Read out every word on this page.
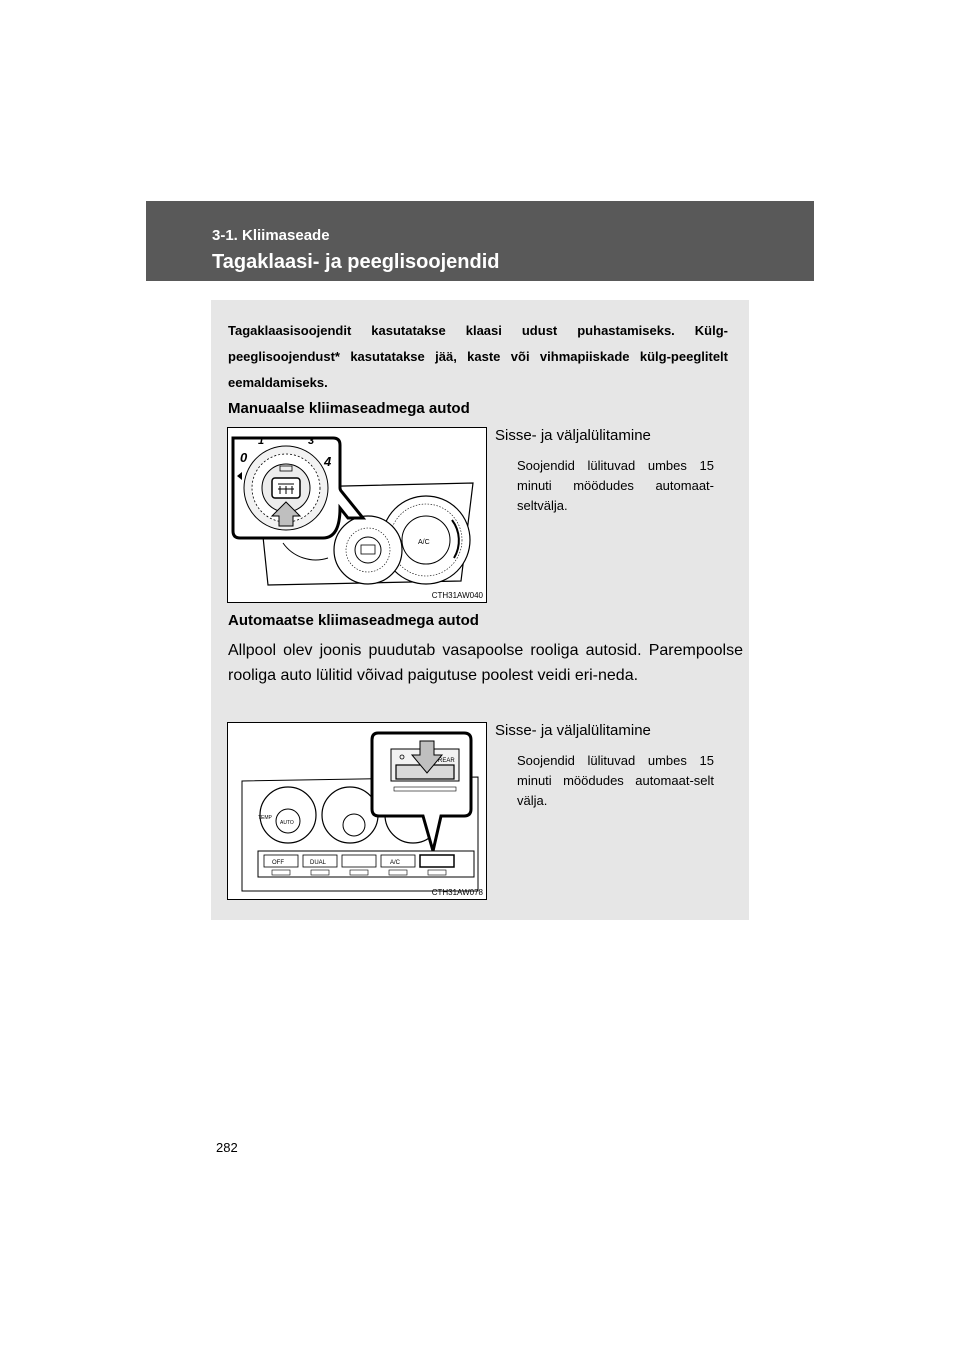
3-1. Kliimaseade
Tagaklaasi- ja peeglisoojendid
Tagaklaasisoojendit kasutatakse klaasi udust puhastamiseks. Külg-peeglisoojendust* kasutatakse jää, kaste või vihmapiiskade külg-peeglitelt eemaldamiseks.
Manuaalse kliimaseadmega autod
A/C
0
1	3
4
CTH31AW040
Sisse- ja väljalülitamine
Soojendid lülituvad umbes 15 minuti möödudes automaat-seltvälja.
Automaatse kliimaseadmega autod
Allpool olev joonis puudutab vasapoolse rooliga autosid. Parempoolse rooliga auto lülitid võivad paigutuse poolest veidi eri-neda.
AUTO
TEMP
OFF	DUAL	A/C
REAR
CTH31AW078
Sisse- ja väljalülitamine
Soojendid lülituvad umbes 15 minuti möödudes automaat-selt välja.
282
